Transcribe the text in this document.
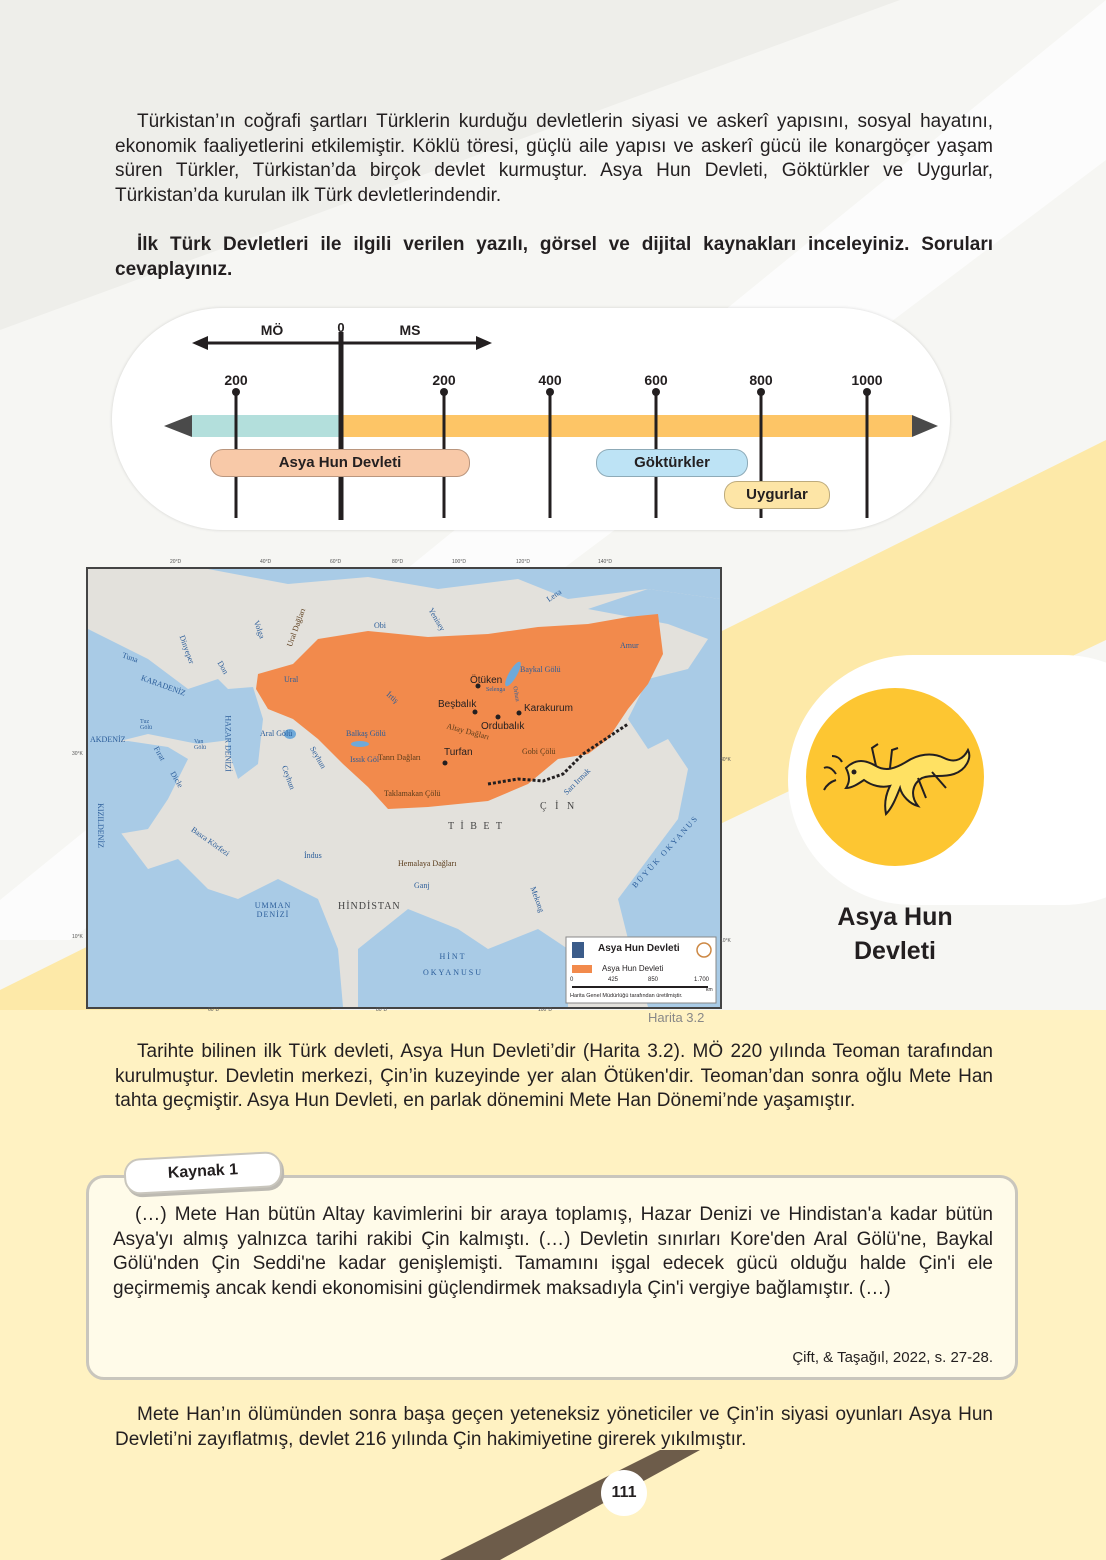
Türkistan’ın coğrafi şartları Türklerin kurduğu devletlerin siyasi ve askerî yapısını, sosyal hayatını, ekonomik faaliyetlerini etkilemiştir. Köklü töresi, güçlü aile yapısı ve askerî gücü ile konargöçer yaşam süren Türkler, Türkistan’da birçok devlet kurmuştur. Asya Hun Devleti, Göktürkler ve Uygurlar, Türkistan’da kurulan ilk Türk devletlerindendir.

İlk Türk Devletleri ile ilgili verilen yazılı, görsel ve dijital kaynakları inceleyiniz. Soruları cevaplayınız.

MÖ	0	MS
200	200	400	600	800	1000
Asya Hun Devleti	Göktürkler
Uygurlar
Ötüken
Beşbalık
Ordubalık
Karakurum
Turfan
Altay Dağları
Tanrı Dağları
Taklamakan Çölü
Gobi Çölü
Baykal Gölü
Balkaş Gölü
Issık Göl
Aral Gölü
T İ B E T
Ç İ N
HİNDİSTAN
Hemalaya Dağları
UMMAN DENİZİ
HİNT OKYANUSU
BÜYÜK OKYANUS
KARADENİZ
AKDENİZ
KIZILDENİZ
HAZAR DENİZİ
Basra Körfezi
Ural Dağları	Obi	Yenisey
Lena
Amur
İrtiş
Seyhun
Ceyhun
İndus
Ganj	Mekong
Sarı Irmak
Volga
Dinyeper
Don
Tuna
Selenga Orhun
Ural
Fırat
Dicle
Van Gölü
Tuz Gölü
Asya Hun Devleti
Asya Hun Devleti
0	425	850	1.700
km
Harita Genel Müdürlüğü tarafından üretilmiştir.
20°D	40°D	60°D	80°D	100°D	120°D	140°D
60°D	80°D	100°D
30°K
10°K
30°K
10°K
Harita 3.2
Asya Hun
Devleti

Tarihte bilinen ilk Türk devleti, Asya Hun Devleti’dir (Harita 3.2). MÖ 220 yılında Teoman tarafından kurulmuştur. Devletin merkezi, Çin’in kuzeyinde yer alan Ötüken'dir. Teoman’dan sonra oğlu Mete Han tahta geçmiştir. Asya Hun Devleti, en parlak dönemini Mete Han Dönemi’nde yaşamıştır.

Kaynak 1

(…) Mete Han bütün Altay kavimlerini bir araya toplamış, Hazar Denizi ve Hindistan'a kadar bütün Asya'yı almış yalnızca tarihi rakibi Çin kalmıştı. (…) Devletin sınırları Kore'den Aral Gölü'ne, Baykal Gölü'nden Çin Seddi'ne kadar genişlemişti. Tamamını işgal edecek gücü olduğu halde Çin'i ele geçirmemiş ancak kendi ekonomisini güçlendirmek maksadıyla Çin'i vergiye bağlamıştır. (…)

Çift, & Taşağıl, 2022, s. 27-28.

Mete Han’ın ölümünden sonra başa geçen yeteneksiz yöneticiler ve Çin’in siyasi oyunları Asya Hun Devleti’ni zayıflatmış, devlet 216 yılında Çin hakimiyetine girerek yıkılmıştır.

111
